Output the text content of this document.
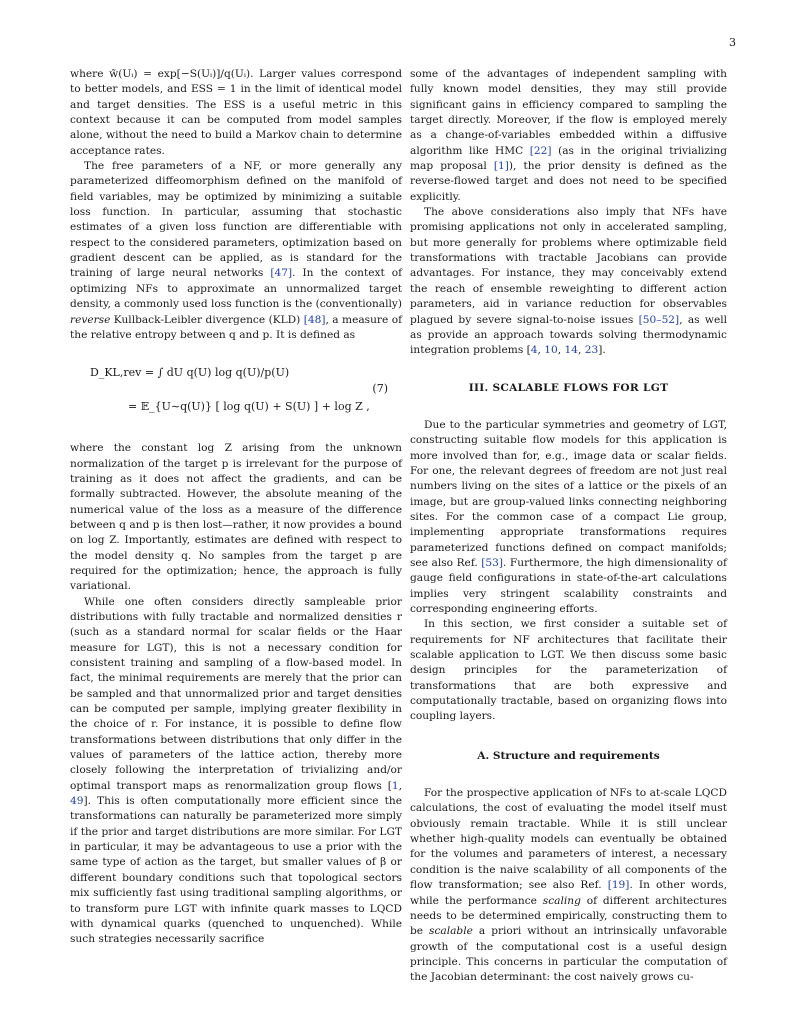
3

where w̃(Uᵢ) = exp[−S(Uᵢ)]/q(Uᵢ). Larger values correspond to better models, and ESS = 1 in the limit of identical model and target densities. The ESS is a useful metric in this context because it can be computed from model samples alone, without the need to build a Markov chain to determine acceptance rates.

The free parameters of a NF, or more generally any parameterized diffeomorphism defined on the manifold of field variables, may be optimized by minimizing a suitable loss function. In particular, assuming that stochastic estimates of a given loss function are differentiable with respect to the considered parameters, optimization based on gradient descent can be applied, as is standard for the training of large neural networks [47]. In the context of optimizing NFs to approximate an unnormalized target density, a commonly used loss function is the (conventionally) reverse Kullback-Leibler divergence (KLD) [48], a measure of the relative entropy between q and p. It is defined as

D_KL,rev = ∫ dU q(U) log q(U)/p(U)
= 𝔼_{U∼q(U)} [ log q(U) + S(U) ] + log Z ,
(7)

where the constant log Z arising from the unknown normalization of the target p is irrelevant for the purpose of training as it does not affect the gradients, and can be formally subtracted. However, the absolute meaning of the numerical value of the loss as a measure of the difference between q and p is then lost—rather, it now provides a bound on log Z. Importantly, estimates are defined with respect to the model density q. No samples from the target p are required for the optimization; hence, the approach is fully variational.

While one often considers directly sampleable prior distributions with fully tractable and normalized densities r (such as a standard normal for scalar fields or the Haar measure for LGT), this is not a necessary condition for consistent training and sampling of a flow-based model. In fact, the minimal requirements are merely that the prior can be sampled and that unnormalized prior and target densities can be computed per sample, implying greater flexibility in the choice of r. For instance, it is possible to define flow transformations between distributions that only differ in the values of parameters of the lattice action, thereby more closely following the interpretation of trivializing and/or optimal transport maps as renormalization group flows [1, 49]. This is often computationally more efficient since the transformations can naturally be parameterized more simply if the prior and target distributions are more similar. For LGT in particular, it may be advantageous to use a prior with the same type of action as the target, but smaller values of β or different boundary conditions such that topological sectors mix sufficiently fast using traditional sampling algorithms, or to transform pure LGT with infinite quark masses to LQCD with dynamical quarks (quenched to unquenched). While such strategies necessarily sacrifice

some of the advantages of independent sampling with fully known model densities, they may still provide significant gains in efficiency compared to sampling the target directly. Moreover, if the flow is employed merely as a change-of-variables embedded within a diffusive algorithm like HMC [22] (as in the original trivializing map proposal [1]), the prior density is defined as the reverse-flowed target and does not need to be specified explicitly.

The above considerations also imply that NFs have promising applications not only in accelerated sampling, but more generally for problems where optimizable field transformations with tractable Jacobians can provide advantages. For instance, they may conceivably extend the reach of ensemble reweighting to different action parameters, aid in variance reduction for observables plagued by severe signal-to-noise issues [50–52], as well as provide an approach towards solving thermodynamic integration problems [4, 10, 14, 23].

III. SCALABLE FLOWS FOR LGT

Due to the particular symmetries and geometry of LGT, constructing suitable flow models for this application is more involved than for, e.g., image data or scalar fields. For one, the relevant degrees of freedom are not just real numbers living on the sites of a lattice or the pixels of an image, but are group-valued links connecting neighboring sites. For the common case of a compact Lie group, implementing appropriate transformations requires parameterized functions defined on compact manifolds; see also Ref. [53]. Furthermore, the high dimensionality of gauge field configurations in state-of-the-art calculations implies very stringent scalability constraints and corresponding engineering efforts.

In this section, we first consider a suitable set of requirements for NF architectures that facilitate their scalable application to LGT. We then discuss some basic design principles for the parameterization of transformations that are both expressive and computationally tractable, based on organizing flows into coupling layers.

A. Structure and requirements

For the prospective application of NFs to at-scale LQCD calculations, the cost of evaluating the model itself must obviously remain tractable. While it is still unclear whether high-quality models can eventually be obtained for the volumes and parameters of interest, a necessary condition is the naive scalability of all components of the flow transformation; see also Ref. [19]. In other words, while the performance scaling of different architectures needs to be determined empirically, constructing them to be scalable a priori without an intrinsically unfavorable growth of the computational cost is a useful design principle. This concerns in particular the computation of the Jacobian determinant: the cost naively grows cu-
